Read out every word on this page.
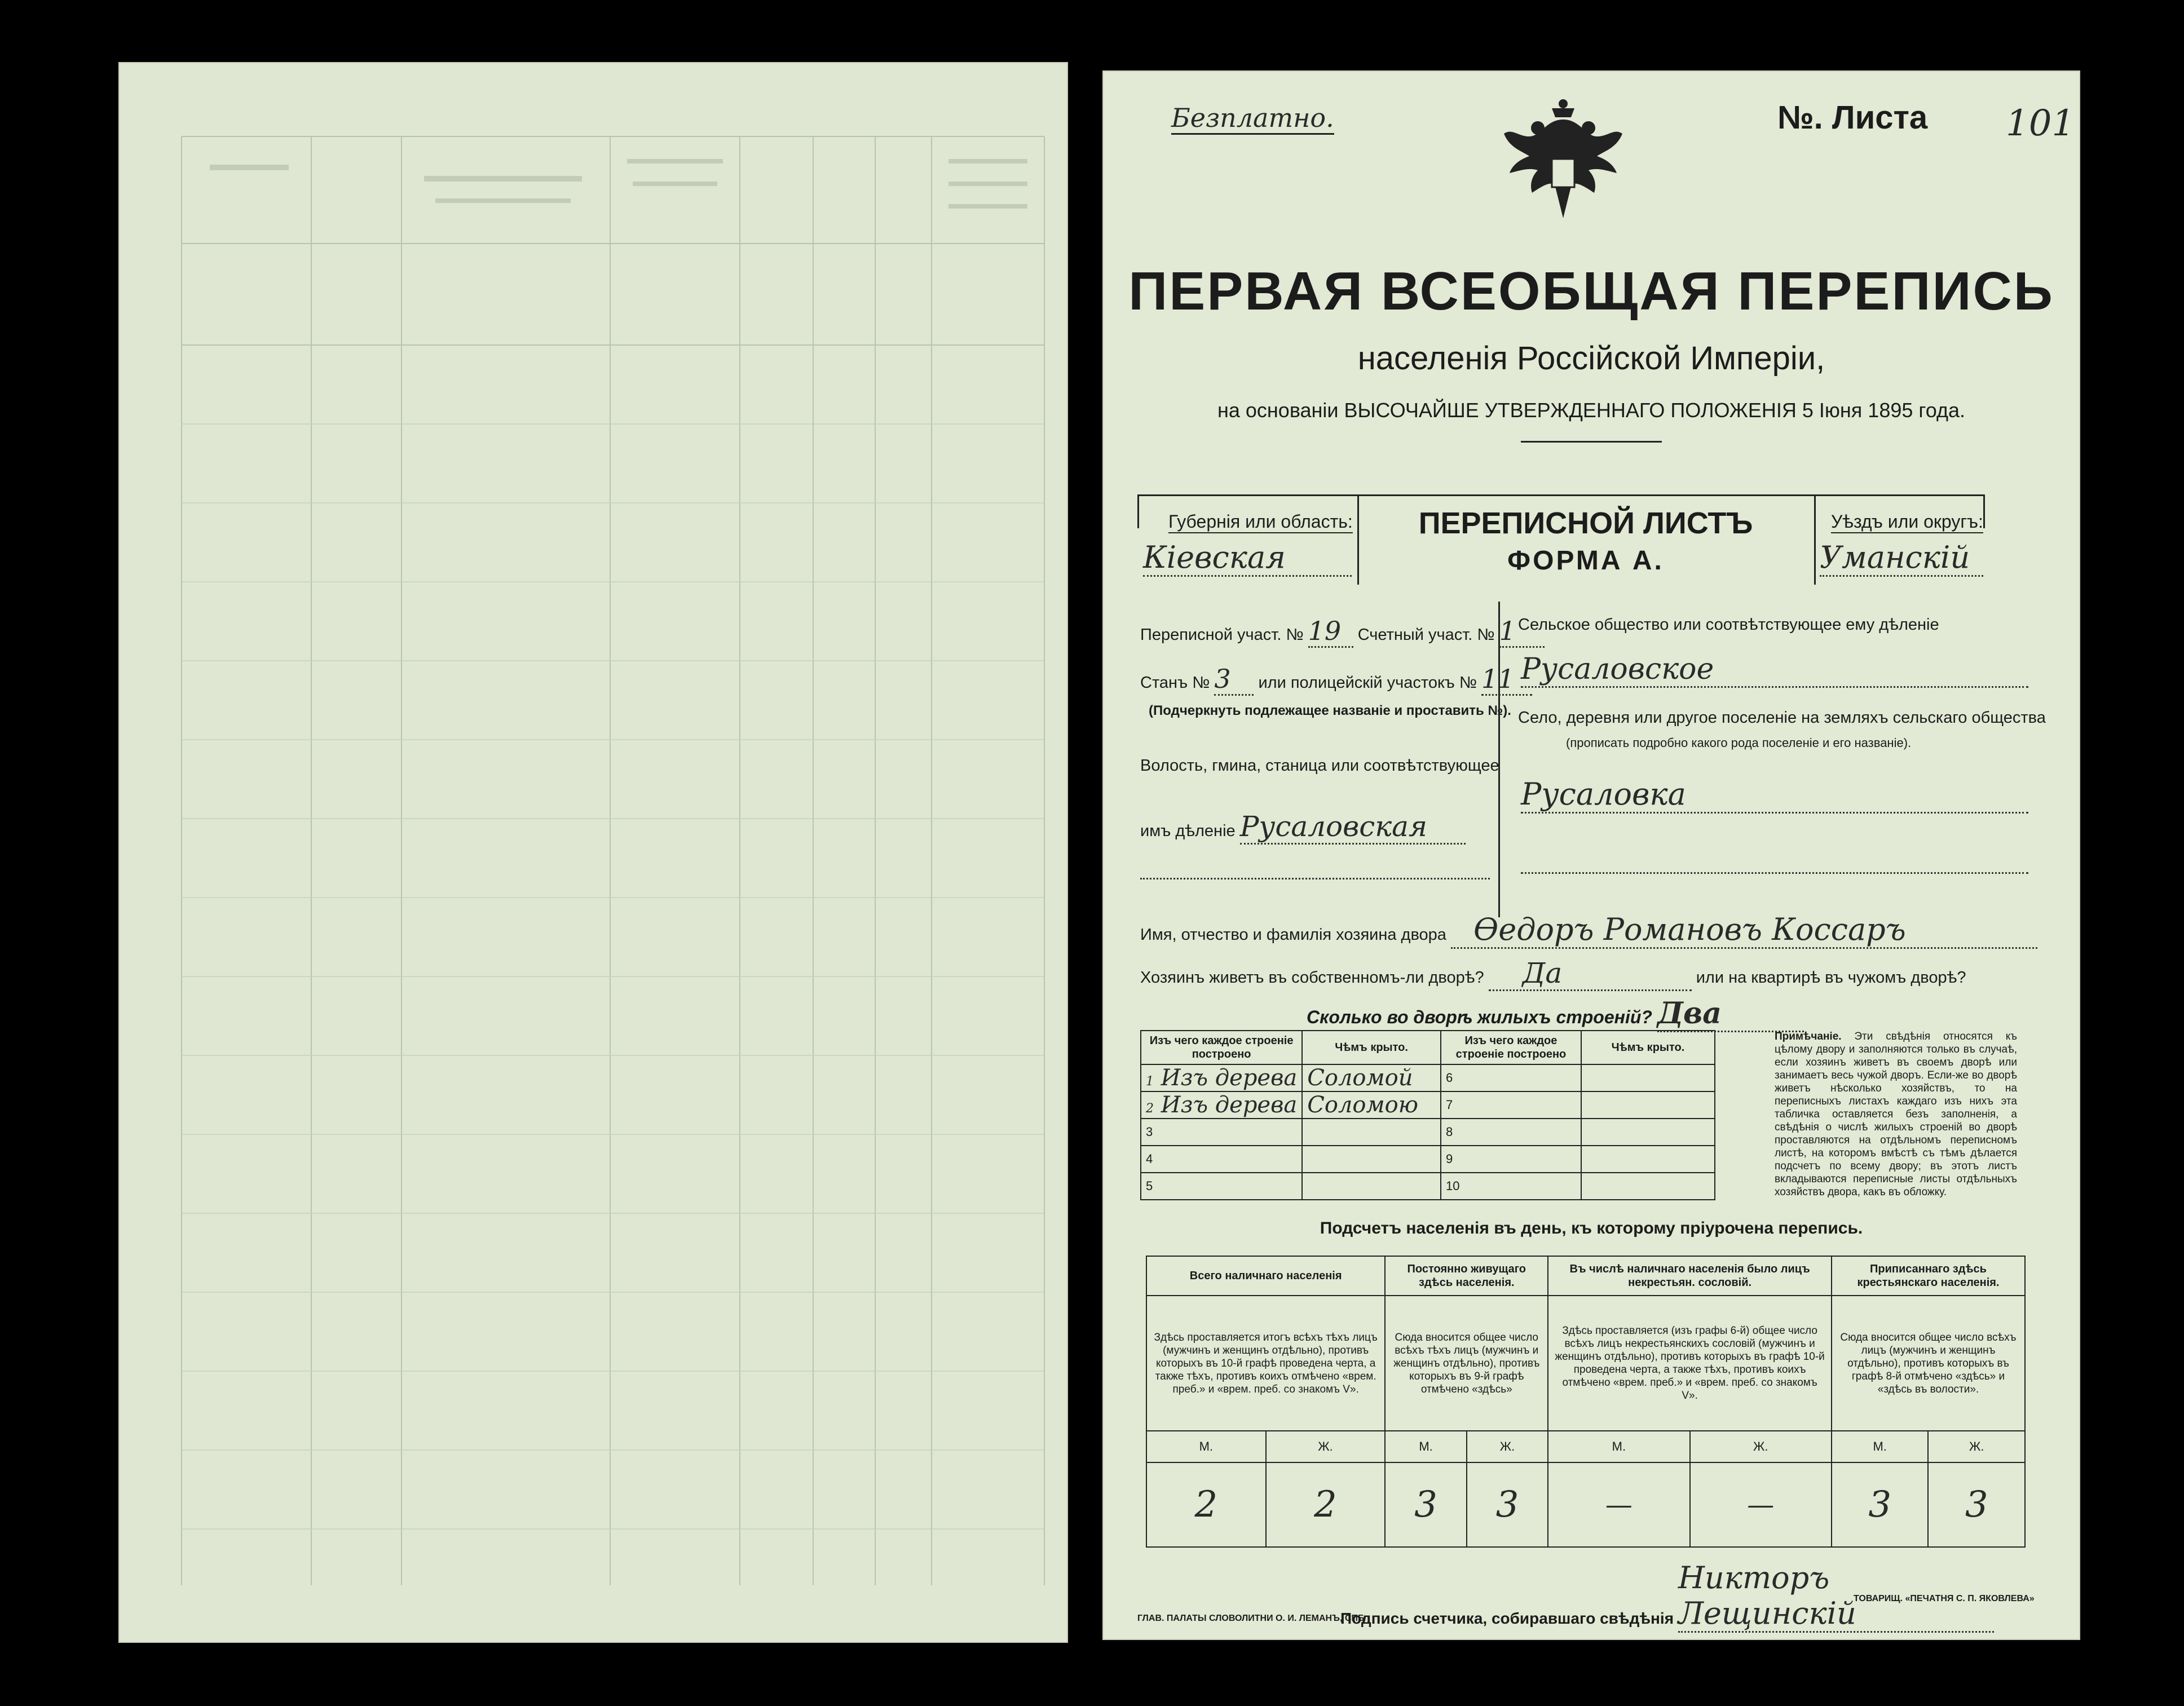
Безплатно.	№. Листа 101
ПЕРВАЯ ВСЕОБЩАЯ ПЕРЕПИСЬ
населенія Россійской Имперіи,
на основаніи ВЫСОЧАЙШЕ УТВЕРЖДЕННАГО ПОЛОЖЕНІЯ 5 Іюня 1895 года.
Губернія или область:
Кіевская
ПЕРЕПИСНОЙ ЛИСТЪ
ФОРМА А.
Уѣздъ или округъ:
Уманскій
Переписной участ. № 19 Счетный участ. № 1
Станъ № 3 или полицейскій участокъ № 11
(Подчеркнуть подлежащее названіе и проставить №).
Волость, гмина, станица или соотвѣтствующее
имъ дѣленіе Русаловская
Сельское общество или соотвѣтствующее ему дѣленіе
Русаловское
Село, деревня или другое поселеніе на земляхъ сельскаго общества
(прописать подробно какого рода поселеніе и его названіе).
Русаловка
Имя, отчество и фамилія хозяина двора Өедоръ Романовъ Коссаръ
Хозяинъ живетъ въ собственномъ-ли дворѣ? Да	или на квартирѣ въ чужомъ дворѣ?
Сколько во дворѣ жилыхъ строеній? Два
Изъ чего каждое строеніе построено	Чѣмъ крыто.	Изъ чего каждое строеніе построено	Чѣмъ крыто.
1 Изъ дерева	Соломой	6	
2 Изъ дерева	Соломою	7	
3		8	
4		9	
5		10	
Примѣчаніе. Эти свѣдѣнія относятся къ цѣлому двору и заполняются только въ случаѣ, если хозяинъ живетъ въ своемъ дворѣ или занимаетъ весь чужой дворъ. Если-же во дворѣ живетъ нѣсколько хозяйствъ, то на переписныхъ листахъ каждаго изъ нихъ эта табличка оставляется безъ заполненія, а свѣдѣнія о числѣ жилыхъ строеній во дворѣ проставляются на отдѣльномъ переписномъ листѣ, на которомъ вмѣстѣ съ тѣмъ дѣлается подсчетъ по всему двору; въ этотъ листъ вкладываются переписные листы отдѣльныхъ хозяйствъ двора, какъ въ обложку.
Подсчетъ населенія въ день, къ которому пріурочена перепись.
Всего наличнаго населенія		Постоянно живущаго здѣсь населенія.		Въ числѣ наличнаго населенія было лицъ некрестьян. сословій.		Приписаннаго здѣсь крестьянскаго населенія.	
Здѣсь проставляется итогъ всѣхъ тѣхъ лицъ (мужчинъ и женщинъ отдѣльно), противъ которыхъ въ 10-й графѣ проведена черта, а также тѣхъ, противъ коихъ отмѣчено «врем. преб.» и «врем. преб. со знакомъ V».		Сюда вносится общее число всѣхъ тѣхъ лицъ (мужчинъ и женщинъ отдѣльно), противъ которыхъ въ 9-й графѣ отмѣчено «здѣсь»		Здѣсь проставляется (изъ графы 6-й) общее число всѣхъ лицъ некрестьянскихъ сословій (мужчинъ и женщинъ отдѣльно), противъ которыхъ въ графѣ 10-й проведена черта, а также тѣхъ, противъ коихъ отмѣчено «врем. преб.» и «врем. преб. со знакомъ V».		Сюда вносится общее число всѣхъ лицъ (мужчинъ и женщинъ отдѣльно), противъ которыхъ въ графѣ 8-й отмѣчено «здѣсь» и «здѣсь въ волости».	
М.	Ж.	М.	Ж.	М.	Ж.	М.	Ж.
2	2	3	3	—	—	3	3
Подпись счетчика, собиравшаго свѣдѣнія Никторъ Лещинскій
ГЛАВ. ПАЛАТЫ СЛОВОЛИТНИ О. И. ЛЕМАНЪ, СПБ
ТОВАРИЩ. «ПЕЧАТНЯ С. П. ЯКОВЛЕВА»
